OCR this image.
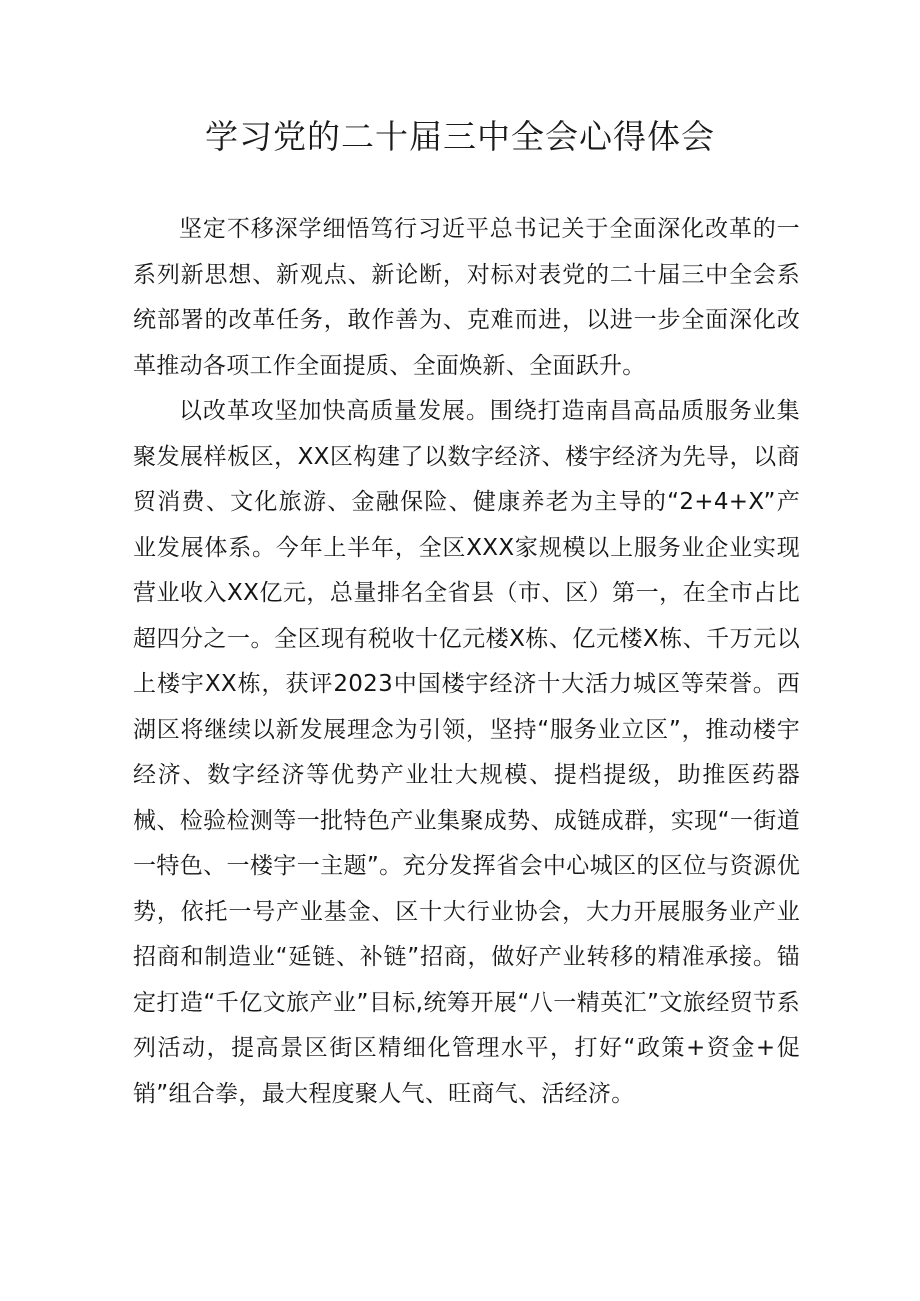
学习党的二十届三中全会心得体会

坚定不移深学细悟笃行习近平总书记关于全面深化改革的一系列新思想、新观点、新论断，对标对表党的二十届三中全会系统部署的改革任务，敢作善为、克难而进，以进一步全面深化改革推动各项工作全面提质、全面焕新、全面跃升。

以改革攻坚加快高质量发展。围绕打造南昌高品质服务业集聚发展样板区，XX区构建了以数字经济、楼宇经济为先导，以商贸消费、文化旅游、金融保险、健康养老为主导的“2+4+X”产业发展体系。今年上半年，全区XXX家规模以上服务业企业实现营业收入XX亿元，总量排名全省县（市、区）第一，在全市占比超四分之一。全区现有税收十亿元楼X栋、亿元楼X栋、千万元以上楼宇XX栋，获评2023中国楼宇经济十大活力城区等荣誉。西湖区将继续以新发展理念为引领，坚持“服务业立区”，推动楼宇经济、数字经济等优势产业壮大规模、提档提级，助推医药器械、检验检测等一批特色产业集聚成势、成链成群，实现“一街道一特色、一楼宇一主题”。充分发挥省会中心城区的区位与资源优势，依托一号产业基金、区十大行业协会，大力开展服务业产业招商和制造业“延链、补链”招商，做好产业转移的精准承接。锚定打造“千亿文旅产业”目标,统筹开展“八一精英汇”文旅经贸节系列活动，提高景区街区精细化管理水平，打好“政策+资金+促销”组合拳，最大程度聚人气、旺商气、活经济。
